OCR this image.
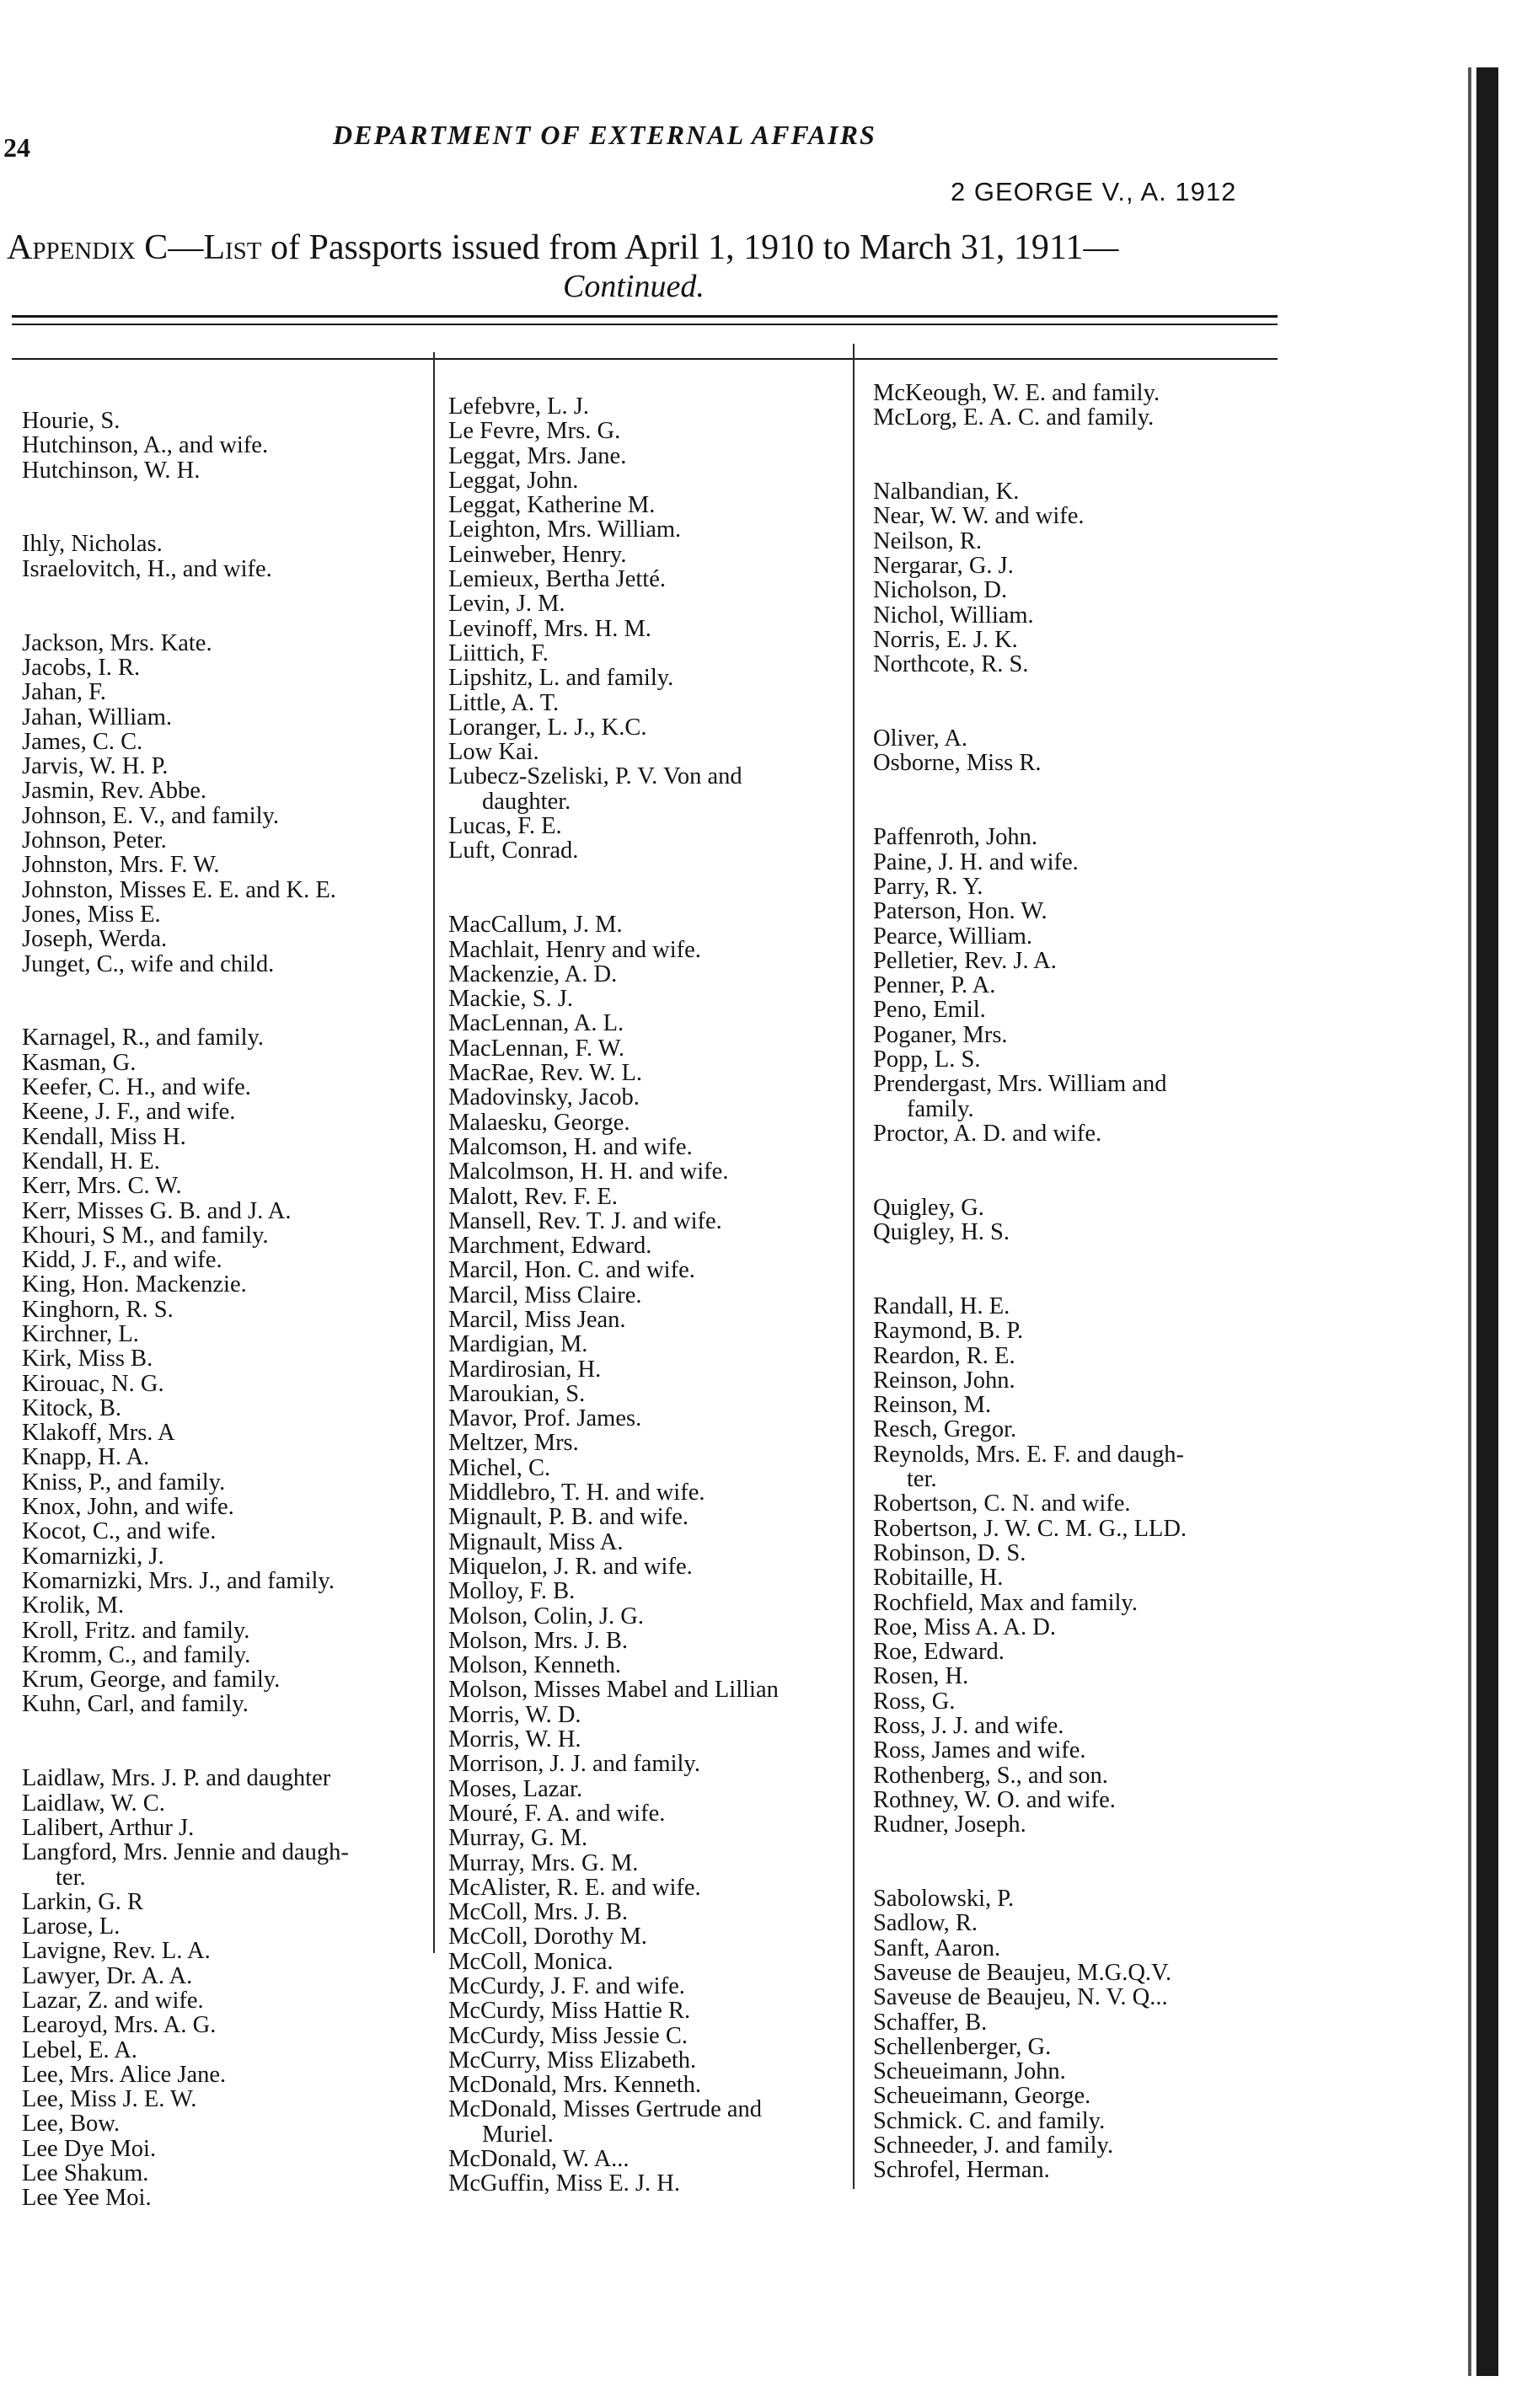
24	DEPARTMENT OF EXTERNAL AFFAIRS
2 GEORGE V., A. 1912
Appendix C—List of Passports issued from April 1, 1910 to March 31, 1911—
Continued.
Hourie, S.
Hutchinson, A., and wife.
Hutchinson, W. H.
Ihly, Nicholas.
Israelovitch, H., and wife.
Jackson, Mrs. Kate.
Jacobs, I. R.
Jahan, F.
Jahan, William.
James, C. C.
Jarvis, W. H. P.
Jasmin, Rev. Abbe.
Johnson, E. V., and family.
Johnson, Peter.
Johnston, Mrs. F. W.
Johnston, Misses E. E. and K. E.
Jones, Miss E.
Joseph, Werda.
Junget, C., wife and child.
Karnagel, R., and family.
Kasman, G.
Keefer, C. H., and wife.
Keene, J. F., and wife.
Kendall, Miss H.
Kendall, H. E.
Kerr, Mrs. C. W.
Kerr, Misses G. B. and J. A.
Khouri, S M., and family.
Kidd, J. F., and wife.
King, Hon. Mackenzie.
Kinghorn, R. S.
Kirchner, L.
Kirk, Miss B.
Kirouac, N. G.
Kitock, B.
Klakoff, Mrs. A
Knapp, H. A.
Kniss, P., and family.
Knox, John, and wife.
Kocot, C., and wife.
Komarnizki, J.
Komarnizki, Mrs. J., and family.
Krolik, M.
Kroll, Fritz. and family.
Kromm, C., and family.
Krum, George, and family.
Kuhn, Carl, and family.
Laidlaw, Mrs. J. P. and daughter
Laidlaw, W. C.
Lalibert, Arthur J.
Langford, Mrs. Jennie and daugh-
ter.
Larkin, G. R
Larose, L.
Lavigne, Rev. L. A.
Lawyer, Dr. A. A.
Lazar, Z. and wife.
Learoyd, Mrs. A. G.
Lebel, E. A.
Lee, Mrs. Alice Jane.
Lee, Miss J. E. W.
Lee, Bow.
Lee Dye Moi.
Lee Shakum.
Lee Yee Moi.
Lefebvre, L. J.
Le Fevre, Mrs. G.
Leggat, Mrs. Jane.
Leggat, John.
Leggat, Katherine M.
Leighton, Mrs. William.
Leinweber, Henry.
Lemieux, Bertha Jetté.
Levin, J. M.
Levinoff, Mrs. H. M.
Liittich, F.
Lipshitz, L. and family.
Little, A. T.
Loranger, L. J., K.C.
Low Kai.
Lubecz-Szeliski, P. V. Von and
daughter.
Lucas, F. E.
Luft, Conrad.
MacCallum, J. M.
Machlait, Henry and wife.
Mackenzie, A. D.
Mackie, S. J.
MacLennan, A. L.
MacLennan, F. W.
MacRae, Rev. W. L.
Madovinsky, Jacob.
Malaesku, George.
Malcomson, H. and wife.
Malcolmson, H. H. and wife.
Malott, Rev. F. E.
Mansell, Rev. T. J. and wife.
Marchment, Edward.
Marcil, Hon. C. and wife.
Marcil, Miss Claire.
Marcil, Miss Jean.
Mardigian, M.
Mardirosian, H.
Maroukian, S.
Mavor, Prof. James.
Meltzer, Mrs.
Michel, C.
Middlebro, T. H. and wife.
Mignault, P. B. and wife.
Mignault, Miss A.
Miquelon, J. R. and wife.
Molloy, F. B.
Molson, Colin, J. G.
Molson, Mrs. J. B.
Molson, Kenneth.
Molson, Misses Mabel and Lillian
Morris, W. D.
Morris, W. H.
Morrison, J. J. and family.
Moses, Lazar.
Mouré, F. A. and wife.
Murray, G. M.
Murray, Mrs. G. M.
McAlister, R. E. and wife.
McColl, Mrs. J. B.
McColl, Dorothy M.
McColl, Monica.
McCurdy, J. F. and wife.
McCurdy, Miss Hattie R.
McCurdy, Miss Jessie C.
McCurry, Miss Elizabeth.
McDonald, Mrs. Kenneth.
McDonald, Misses Gertrude and
Muriel.
McDonald, W. A...
McGuffin, Miss E. J. H.
McKeough, W. E. and family.
McLorg, E. A. C. and family.
Nalbandian, K.
Near, W. W. and wife.
Neilson, R.
Nergarar, G. J.
Nicholson, D.
Nichol, William.
Norris, E. J. K.
Northcote, R. S.
Oliver, A.
Osborne, Miss R.
Paffenroth, John.
Paine, J. H. and wife.
Parry, R. Y.
Paterson, Hon. W.
Pearce, William.
Pelletier, Rev. J. A.
Penner, P. A.
Peno, Emil.
Poganer, Mrs.
Popp, L. S.
Prendergast, Mrs. William and
family.
Proctor, A. D. and wife.
Quigley, G.
Quigley, H. S.
Randall, H. E.
Raymond, B. P.
Reardon, R. E.
Reinson, John.
Reinson, M.
Resch, Gregor.
Reynolds, Mrs. E. F. and daugh-
ter.
Robertson, C. N. and wife.
Robertson, J. W. C. M. G., LLD.
Robinson, D. S.
Robitaille, H.
Rochfield, Max and family.
Roe, Miss A. A. D.
Roe, Edward.
Rosen, H.
Ross, G.
Ross, J. J. and wife.
Ross, James and wife.
Rothenberg, S., and son.
Rothney, W. O. and wife.
Rudner, Joseph.
Sabolowski, P.
Sadlow, R.
Sanft, Aaron.
Saveuse de Beaujeu, M.G.Q.V.
Saveuse de Beaujeu, N. V. Q...
Schaffer, B.
Schellenberger, G.
Scheueimann, John.
Scheueimann, George.
Schmick. C. and family.
Schneeder, J. and family.
Schrofel, Herman.
